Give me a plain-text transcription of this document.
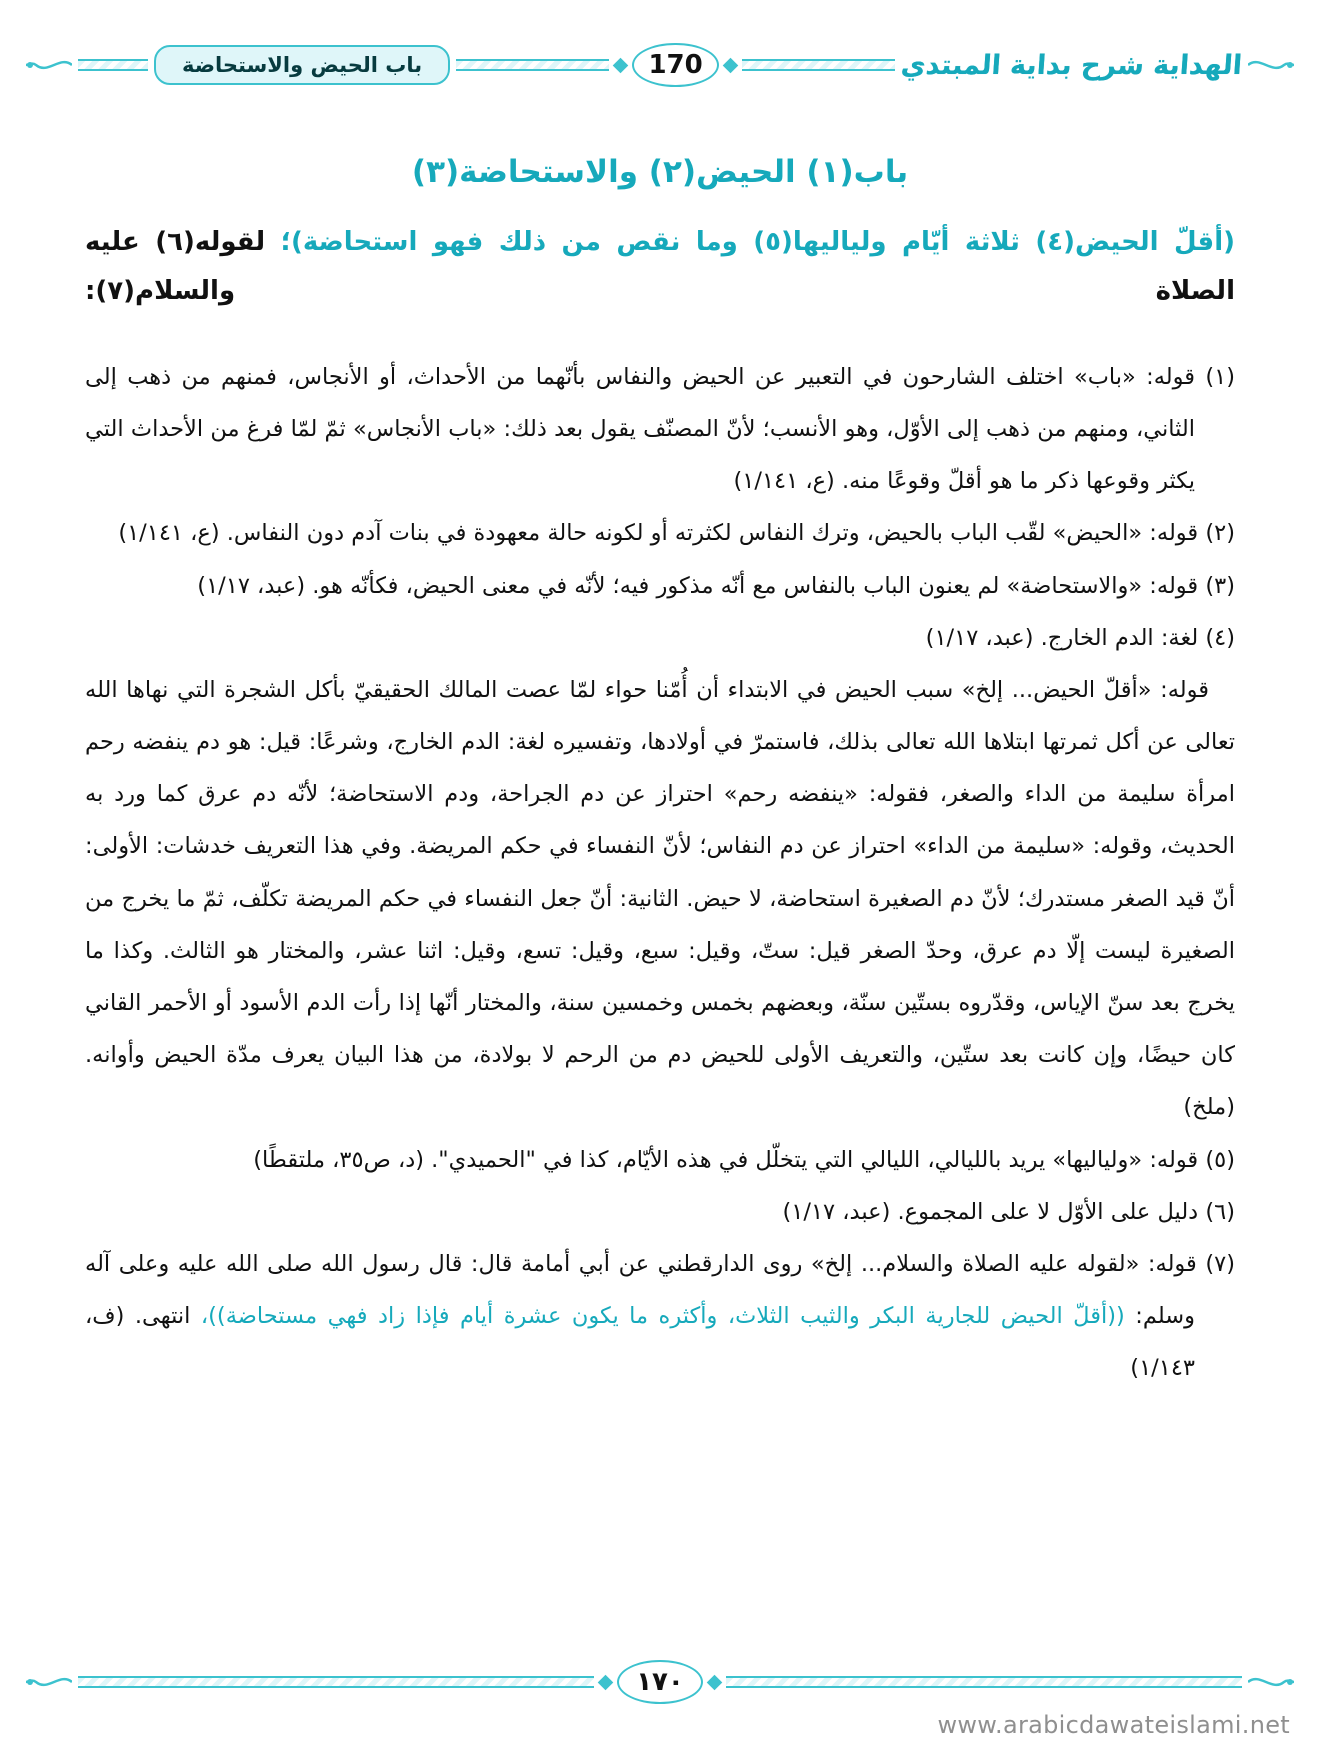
باب الحيض والاستحاضة	170	الهداية شرح بداية المبتدي
باب(١) الحيض(٢) والاستحاضة(٣)

(أقلّ الحيض(٤) ثلاثة أيّام ولياليها(٥) وما نقص من ذلك فهو استحاضة)؛ لقوله(٦) عليه الصلاة والسلام(٧):

(١) قوله: «باب» اختلف الشارحون في التعبير عن الحيض والنفاس بأنّهما من الأحداث، أو الأنجاس، فمنهم من ذهب إلى الثاني، ومنهم من ذهب إلى الأوّل، وهو الأنسب؛ لأنّ المصنّف يقول بعد ذلك: «باب الأنجاس» ثمّ لمّا فرغ من الأحداث التي يكثر وقوعها ذكر ما هو أقلّ وقوعًا منه. (ع، ١/١٤١)

(٢) قوله: «الحيض» لقّب الباب بالحيض، وترك النفاس لكثرته أو لكونه حالة معهودة في بنات آدم دون النفاس. (ع، ١/١٤١)

(٣) قوله: «والاستحاضة» لم يعنون الباب بالنفاس مع أنّه مذكور فيه؛ لأنّه في معنى الحيض، فكأنّه هو. (عبد، ١/١٧)

(٤) لغة: الدم الخارج. (عبد، ١/١٧)

قوله: «أقلّ الحيض... إلخ» سبب الحيض في الابتداء أن أُمّنا حواء لمّا عصت المالك الحقيقيّ بأكل الشجرة التي نهاها الله تعالى عن أكل ثمرتها ابتلاها الله تعالى بذلك، فاستمرّ في أولادها، وتفسيره لغة: الدم الخارج، وشرعًا: قيل: هو دم ينفضه رحم امرأة سليمة من الداء والصغر، فقوله: «ينفضه رحم» احتراز عن دم الجراحة، ودم الاستحاضة؛ لأنّه دم عرق كما ورد به الحديث، وقوله: «سليمة من الداء» احتراز عن دم النفاس؛ لأنّ النفساء في حكم المريضة. وفي هذا التعريف خدشات: الأولى: أنّ قيد الصغر مستدرك؛ لأنّ دم الصغيرة استحاضة، لا حيض. الثانية: أنّ جعل النفساء في حكم المريضة تكلّف، ثمّ ما يخرج من الصغيرة ليست إلّا دم عرق، وحدّ الصغر قيل: ستّ، وقيل: سبع، وقيل: تسع، وقيل: اثنا عشر، والمختار هو الثالث. وكذا ما يخرج بعد سنّ الإياس، وقدّروه بستّين سنّة، وبعضهم بخمس وخمسين سنة، والمختار أنّها إذا رأت الدم الأسود أو الأحمر القاني كان حيضًا، وإن كانت بعد ستّين، والتعريف الأولى للحيض دم من الرحم لا بولادة، من هذا البيان يعرف مدّة الحيض وأوانه. (ملخ)

(٥) قوله: «ولياليها» يريد بالليالي، الليالي التي يتخلّل في هذه الأيّام، كذا في "الحميدي". (د، ص٣٥، ملتقطًا)

(٦) دليل على الأوّل لا على المجموع. (عبد، ١/١٧)

(٧) قوله: «لقوله عليه الصلاة والسلام... إلخ» روى الدارقطني عن أبي أمامة قال: قال رسول الله صلى الله عليه وعلى آله وسلم: ((أقلّ الحيض للجارية البكر والثيب الثلاث، وأكثره ما يكون عشرة أيام فإذا زاد فهي مستحاضة))، انتهى. (ف، ١/١٤٣)

١٧٠
www.arabicdawateislami.net
